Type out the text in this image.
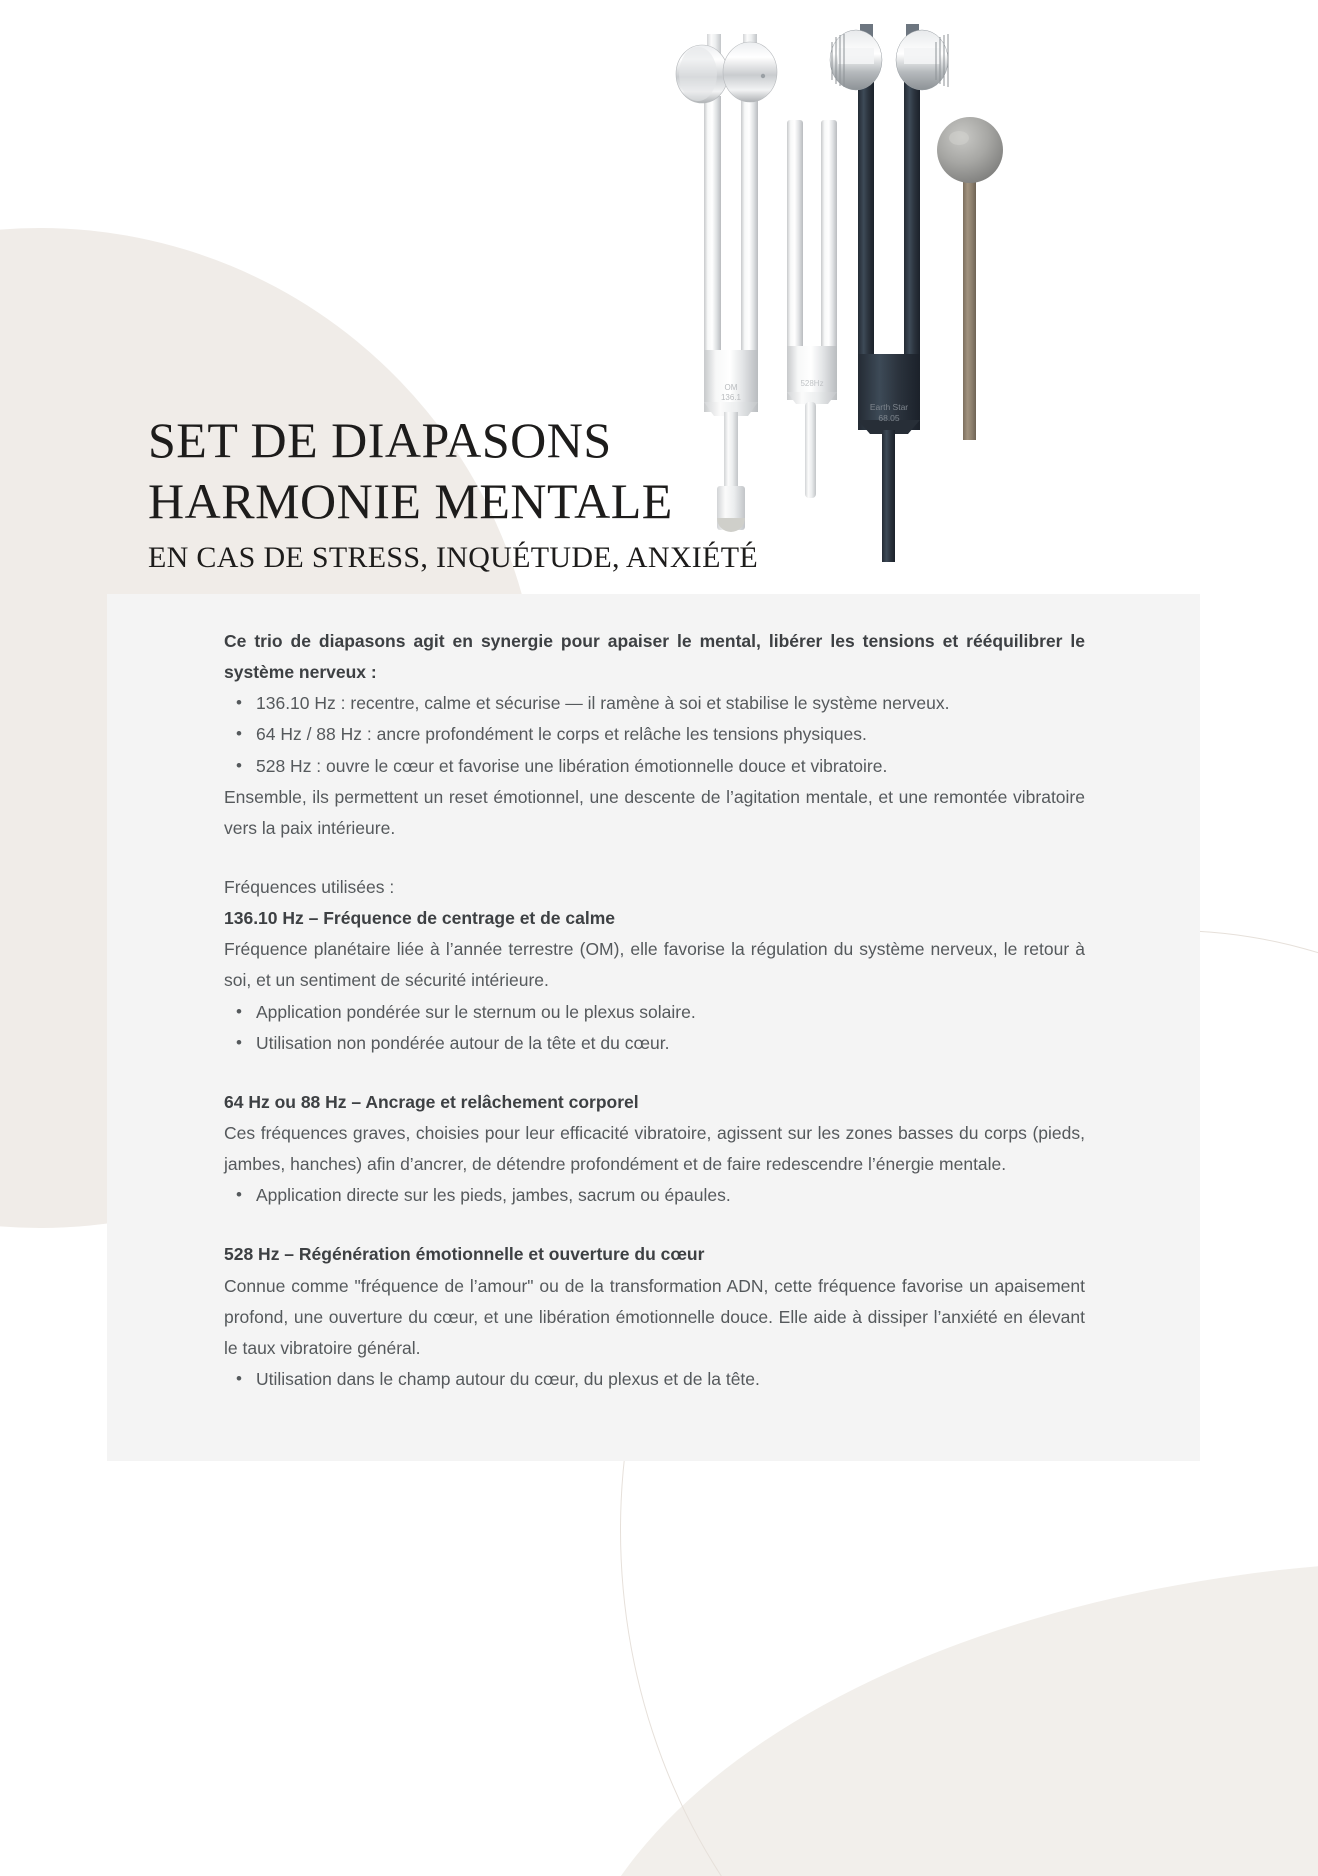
OM
136.1
528Hz
Earth Star
68.05
SET DE DIAPASONS
HARMONIE MENTALE
EN CAS DE STRESS, INQUÉTUDE, ANXIÉTÉ

Ce trio de diapasons agit en synergie pour apaiser le mental, libérer les tensions et rééquilibrer le système nerveux :

• 136.10 Hz : recentre, calme et sécurise — il ramène à soi et stabilise le système nerveux.
• 64 Hz / 88 Hz : ancre profondément le corps et relâche les tensions physiques.
• 528 Hz : ouvre le cœur et favorise une libération émotionnelle douce et vibratoire.

Ensemble, ils permettent un reset émotionnel, une descente de l’agitation mentale, et une remontée vibratoire vers la paix intérieure.

Fréquences utilisées :

136.10 Hz – Fréquence de centrage et de calme

Fréquence planétaire liée à l’année terrestre (OM), elle favorise la régulation du système nerveux, le retour à soi, et un sentiment de sécurité intérieure.

• Application pondérée sur le sternum ou le plexus solaire.
• Utilisation non pondérée autour de la tête et du cœur.

64 Hz ou 88 Hz – Ancrage et relâchement corporel

Ces fréquences graves, choisies pour leur efficacité vibratoire, agissent sur les zones basses du corps (pieds, jambes, hanches) afin d’ancrer, de détendre profondément et de faire redescendre l’énergie mentale.

• Application directe sur les pieds, jambes, sacrum ou épaules.

528 Hz – Régénération émotionnelle et ouverture du cœur

Connue comme "fréquence de l’amour" ou de la transformation ADN, cette fréquence favorise un apaisement profond, une ouverture du cœur, et une libération émotionnelle douce. Elle aide à dissiper l’anxiété en élevant le taux vibratoire général.

• Utilisation dans le champ autour du cœur, du plexus et de la tête.
